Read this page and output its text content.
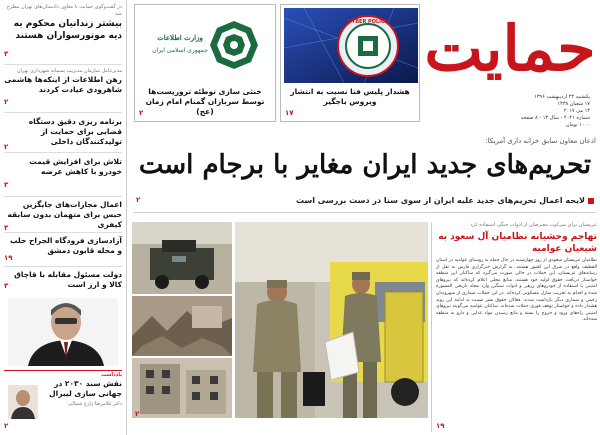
در گفت‌وگوی حمایت با معاون دادستان‌های تهران مطرح شد
بیشتر زندانیان محکوم به دیه موتورسواران هستند
۳
مدیرعامل سازمان مدیریت پسماند شهرداری تهران
رهن اطلاعات از اینکه‌ها هاشمی شاهرودی عیادت کردند
۲
برنامه ریزی دقیق دستگاه قضایی برای حمایت از تولیدکنندگان داخلی
۲
تلاش برای افزایش قیمت خودرو با کاهش عرضه
۳
اعمال مجازات‌های جایگزین حبس برای متهمان بدون سابقه کیفری
۳
آزادسازی فرودگاه الجراح حلب و محله قابون دمشق
۱۹
دولت مسئول مقابله با قاچاق کالا و ارز است
۳
یادداشت
نقش سند ۲۰۳۰ در جهانی سازی لیبرال
دکتر غلامرضا زارع شمالی
۲
وزارت اطلاعات
جمهوری اسلامی ایران
خنثی سازی توطئه تروریست‌ها توسط سربازان گمنام امام زمان (عج)
۲
CYBER POLICE
هشدار پلیس فتا نسبت به انتشار ویروس باجگیر
۱۷
حمایت
یکشنبه ۲۴ اردیبهشت ۱۳۹۶
۱۷ شعبان ۱۴۳۸
۱۴ می ۲۰۱۷
شماره ۴۰۲۱ - سال ۱۳ - ۸ صفحه
۱۰۰۰ تومان
اذعان معاون سابق خزانه داری آمریکا:
تحریم‌های جدید ایران مغایر با برجام است
لایحه اعمال تحریم‌های جدید علیه ایران از سوی سنا در دست بررسی است
۲
۲
عربستان برای سرکوب معترضان از ادوات جنگی استفاده کرد
تهاجم وحشیانه نظامیان آل سعود به شیعیان عوامیه
نظامیان عربستان سعودی از روز چهارشنبه در حال حمله به روستای عوامیه در استان القطیف واقع در شرق این کشور هستند. به گزارش خبرگزاری فارس به نقل از رسانه‌های عربستان، این حملات در حالی صورت می‌گیرد که ساکنان این منطقه خواستار دریافت حقوق اولیه خود هستند. منابع محلی اعلام کرده‌اند که نیروهای امنیتی با استفاده از خودروهای زرهی و ادوات سنگین وارد محله تاریخی المسوره شده و اقدام به تخریب منازل مسکونی کرده‌اند. در این حملات شماری از شهروندان زخمی و شماری دیگر بازداشت شدند. فعالان حقوق بشر نسبت به ادامه این روند هشدار داده و خواستار توقف فوری حملات شده‌اند. ساکنان عوامیه می‌گویند نیروهای امنیتی راه‌های ورود و خروج را بسته و مانع رسیدن مواد غذایی و دارو به منطقه شده‌اند.
۱۹
